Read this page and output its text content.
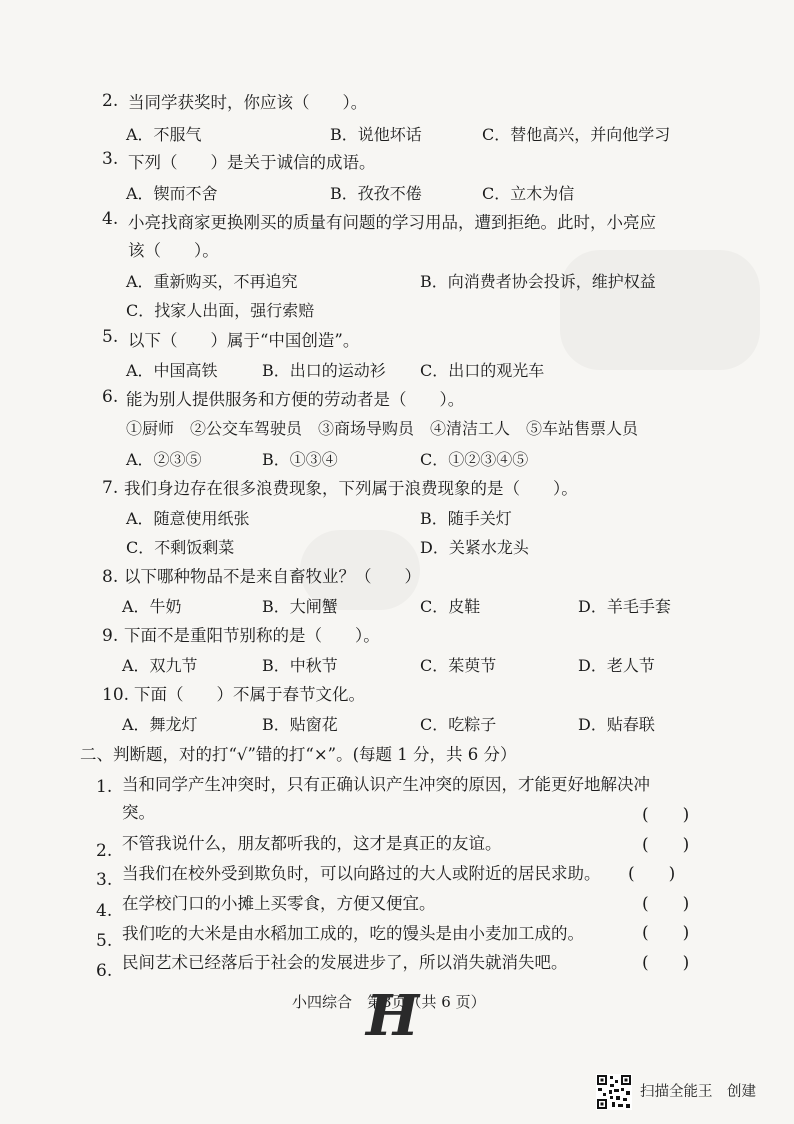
2. 当同学获奖时，你应该（　　）。
A．不服气	B．说他坏话	C．替他高兴，并向他学习
3. 下列（　　）是关于诚信的成语。
A．锲而不舍	B．孜孜不倦	C．立木为信
4. 小亮找商家更换刚买的质量有问题的学习用品，遭到拒绝。此时，小亮应
该（　　）。
A．重新购买，不再追究	B．向消费者协会投诉，维护权益
C．找家人出面，强行索赔
5. 以下（　　）属于“中国创造”。
A．中国高铁	B．出口的运动衫 C．出口的观光车
6. 能为别人提供服务和方便的劳动者是（　　）。
①厨师　②公交车驾驶员　③商场导购员　④清洁工人　⑤车站售票人员
A．②③⑤	B．①③④	C．①②③④⑤
7. 我们身边存在很多浪费现象，下列属于浪费现象的是（　　）。
A．随意使用纸张	B．随手关灯
C．不剩饭剩菜	D．关紧水龙头
8. 以下哪种物品不是来自畜牧业？（　　）
A．牛奶	B．大闸蟹	C．皮鞋	D．羊毛手套
9. 下面不是重阳节别称的是（　　）。
A．双九节	B．中秋节	C．茱萸节	D．老人节
10. 下面（　　）不属于春节文化。
A．舞龙灯	B．贴窗花	C．吃粽子	D．贴春联
二、判断题，对的打“√”错的打“×”。(每题 1 分，共 6 分）
1. 当和同学产生冲突时，只有正确认识产生冲突的原因，才能更好地解决冲
突。	(　　)
2. 不管我说什么，朋友都听我的，这才是真正的友谊。	(　　)
3. 当我们在校外受到欺负时，可以向路过的大人或附近的居民求助。 (　　)
4. 在学校门口的小摊上买零食，方便又便宜。	(　　)
5. 我们吃的大米是由水稻加工成的，吃的馒头是由小麦加工成的。	(　　)
6. 民间艺术已经落后于社会的发展进步了，所以消失就消失吧。	(　　)
小四综合　第3页（共 6 页）
H
扫描全能王　创建
